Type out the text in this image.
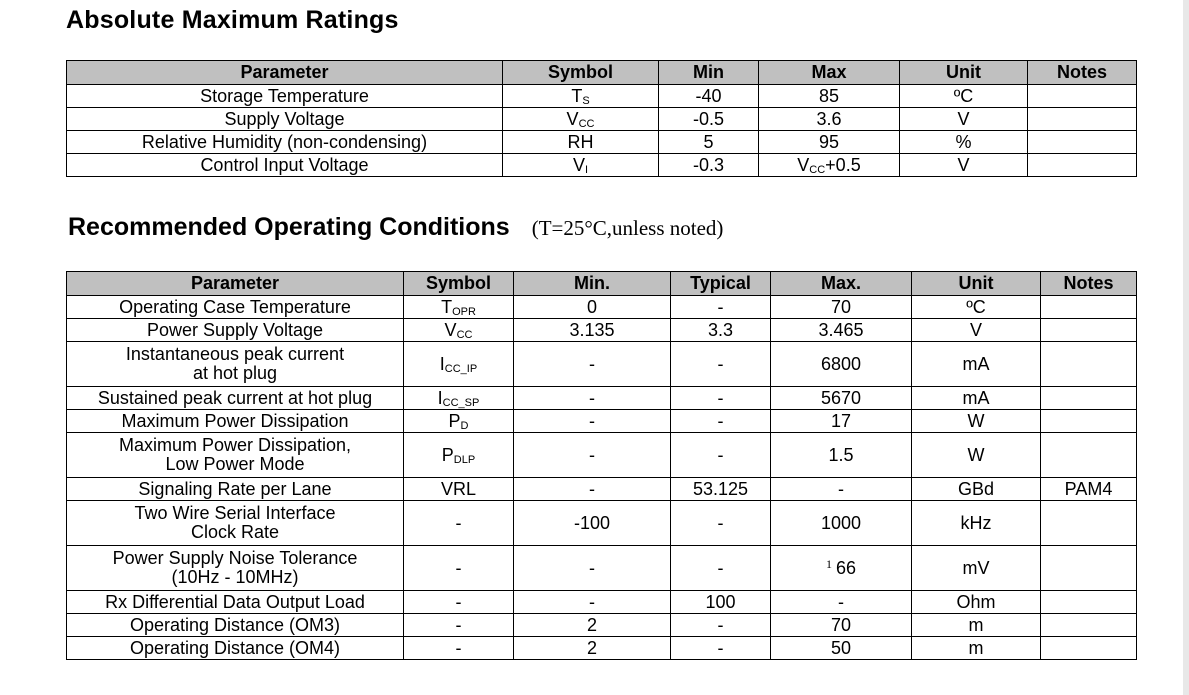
Absolute Maximum Ratings
Parameter	Symbol	Min	Max	Unit	Notes
Storage Temperature	$T_S$	-40	85	ºC	
Supply Voltage	$V_{CC}$	-0.5	3.6	V	
Relative Humidity (non-condensing)	RH	5	95	%	
Control Input Voltage	$V_I$	-0.3	$V_{CC}+0.5$	V	
Recommended Operating Conditions (T=25°C,unless noted)
Parameter	Symbol	Min.	Typical	Max.	Unit	Notes

Operating Case Temperature	$T_{OPR}$	0	-	70	ºC	

Power Supply Voltage	$V_{CC}$	3.135	3.3	3.465	V	

Instantaneous peak current
at hot plug	$I_{CC\_IP}$	-	-	6800	mA	

Sustained peak current at hot plug	$I_{CC\_SP}$	-	-	5670	mA	

Maximum Power Dissipation	$P_D$	-	-	17	W	

Maximum Power Dissipation,
Low Power Mode	$P_{DLP}$	-	-	1.5	W	

Signaling Rate per Lane	VRL	-	53.125	-	GBd	PAM4

Two Wire Serial Interface
Clock Rate	-	-100	-	1000	kHz	

Power Supply Noise Tolerance
(10Hz - 10MHz)	-	-	-	$^1$ 66	mV	

Rx Differential Data Output Load	-	-	100	-	Ohm	

Operating Distance (OM3)	-	2	-	70	m	

Operating Distance (OM4)	-	2	-	50	m	
